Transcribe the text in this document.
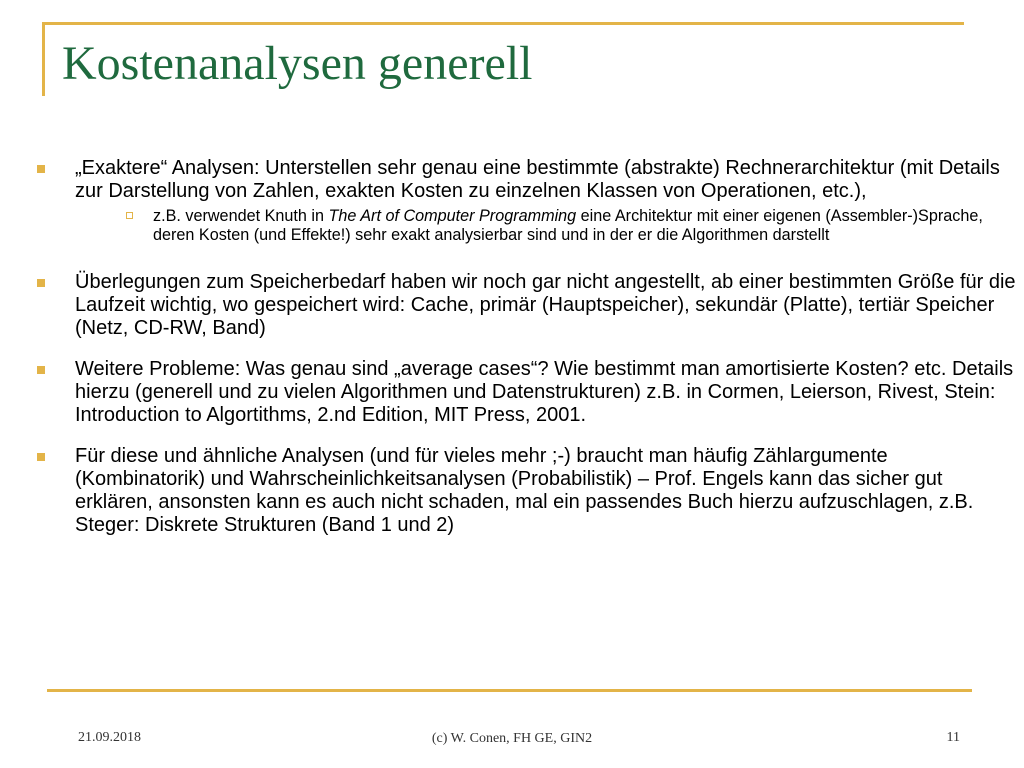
Kostenanalysen generell
„Exaktere“ Analysen: Unterstellen sehr genau eine bestimmte (abstrakte) Rechnerarchitektur (mit Details zur Darstellung von Zahlen, exakten Kosten zu einzelnen Klassen von Operationen, etc.),
z.B. verwendet Knuth in The Art of Computer Programming eine Architektur mit einer eigenen (Assembler-)Sprache, deren Kosten (und Effekte!) sehr exakt analysierbar sind und in der er die Algorithmen darstellt
Überlegungen zum Speicherbedarf haben wir noch gar nicht angestellt, ab einer bestimmten Größe für die Laufzeit wichtig, wo gespeichert wird: Cache, primär (Hauptspeicher), sekundär (Platte), tertiär Speicher (Netz, CD-RW, Band)
Weitere Probleme: Was genau sind „average cases“? Wie bestimmt man amortisierte Kosten? etc. Details hierzu (generell und zu vielen Algorithmen und Datenstrukturen) z.B. in Cormen, Leierson, Rivest, Stein: Introduction to Algortithms, 2.nd Edition, MIT Press, 2001.
Für diese und ähnliche Analysen (und für vieles mehr ;-) braucht man häufig Zählargumente (Kombinatorik) und Wahrscheinlichkeitsanalysen (Probabilistik) – Prof. Engels kann das sicher gut erklären, ansonsten kann es auch nicht schaden, mal ein passendes Buch hierzu aufzuschlagen, z.B. Steger: Diskrete Strukturen (Band 1 und 2)
21.09.2018	(c) W. Conen, FH GE, GIN2	11
